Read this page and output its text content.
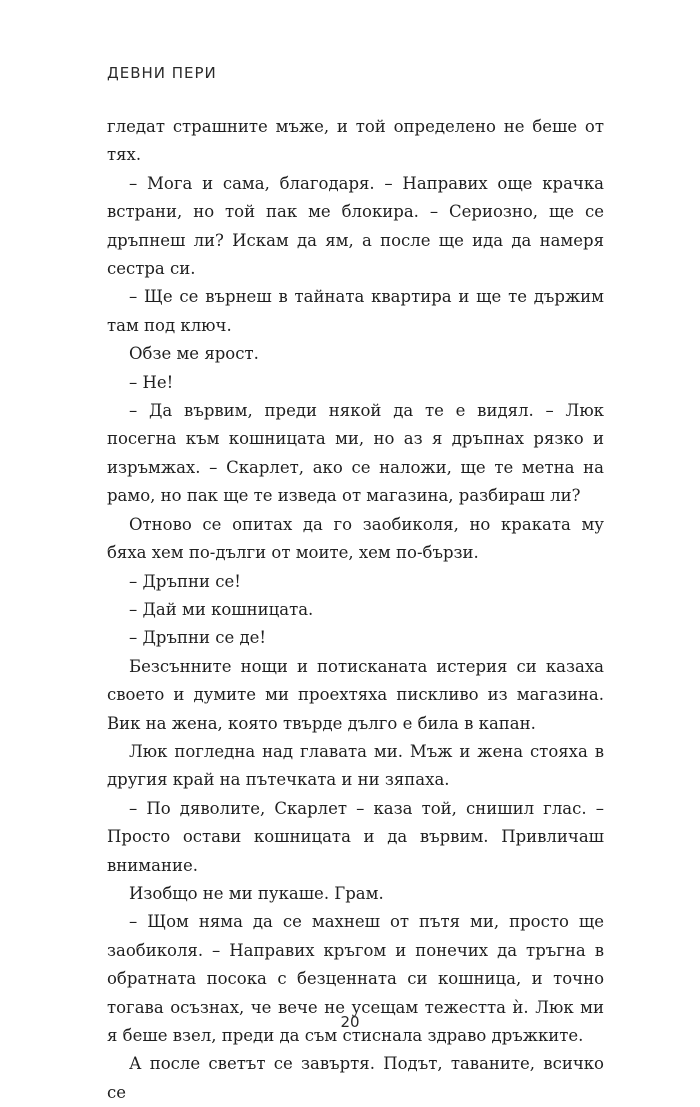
ДЕВНИ ПЕРИ

гледат страшните мъже, и той определено не беше от тях.

– Мога и сама, благодаря. – Направих още крачка встрани, но той пак ме блокира. – Сериозно, ще се дръпнеш ли? Искам да ям, а после ще ида да намеря сестра си.

– Ще се върнеш в тайната квартира и ще те държим там под ключ.

Обзе ме ярост.

– Не!

– Да вървим, преди някой да те е видял. – Люк посегна към кошницата ми, но аз я дръпнах рязко и изръмжах. – Скарлет, ако се наложи, ще те метна на рамо, но пак ще те изведа от магазина, разбираш ли?

Отново се опитах да го заобиколя, но краката му бяха хем по-дълги от моите, хем по-бързи.

– Дръпни се!

– Дай ми кошницата.

– Дръпни се де!

Безсънните нощи и потисканата истерия си казаха своето и думите ми проехтяха пискливо из магазина. Вик на жена, която твърде дълго е била в капан.

Люк погледна над главата ми. Мъж и жена стояха в другия край на пътечката и ни зяпаха.

– По дяволите, Скарлет – каза той, снишил глас. – Просто остави кошницата и да вървим. Привличаш внимание.

Изобщо не ми пукаше. Грам.

– Щом няма да се махнеш от пътя ми, просто ще заобиколя. – Направих кръгом и понечих да тръгна в обратната посока с безценната си кошница, и точно тогава осъзнах, че вече не усещам тежестта ѝ. Люк ми я беше взел, преди да съм стиснала здраво дръжките.

А после светът се завъртя. Подът, таваните, всичко се

20
